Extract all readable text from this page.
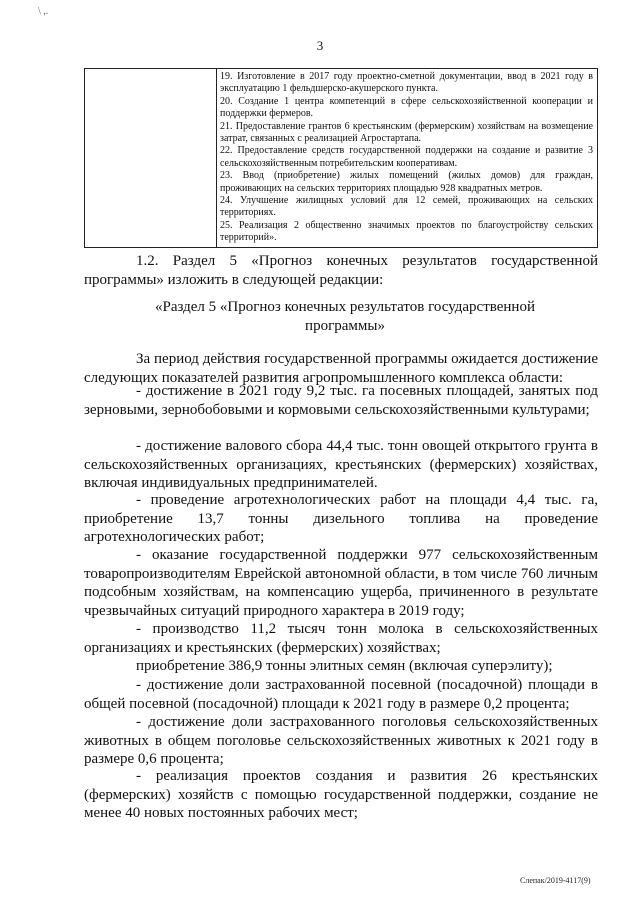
\ ,.
3

19. Изготовление в 2017 году проектно-сметной документации, ввод в 2021 году в эксплуатацию 1 фельдшерско-акушерского пункта.
20. Создание 1 центра компетенций в сфере сельскохозяйственной кооперации и поддержки фермеров.
21. Предоставление грантов 6 крестьянским (фермерским) хозяйствам на возмещение затрат, связанных с реализацией Агростартапа.
22. Предоставление средств государственной поддержки на создание и развитие 3 сельскохозяйственным потребительским кооперативам.
23. Ввод (приобретение) жилых помещений (жилых домов) для граждан, проживающих на сельских территориях площадью 928 квадратных метров.
24. Улучшение жилищных условий для 12 семей, проживающих на сельских территориях.
25. Реализация 2 общественно значимых проектов по благоустройству сельских территорий».
1.2. Раздел 5 «Прогноз конечных результатов государственной программы» изложить в следующей редакции:
«Раздел 5 «Прогноз конечных результатов государственной программы»
За период действия государственной программы ожидается достижение следующих показателей развития агропромышленного комплекса области:
- достижение в 2021 году 9,2 тыс. га посевных площадей, занятых под зерновыми, зернобобовыми и кормовыми сельскохозяйственными культурами;
- достижение валового сбора 44,4 тыс. тонн овощей открытого грунта в сельскохозяйственных организациях, крестьянских (фермерских) хозяйствах, включая индивидуальных предпринимателей.
- проведение агротехнологических работ на площади 4,4 тыс. га, приобретение 13,7 тонны дизельного топлива на проведение агротехнологических работ;
- оказание государственной поддержки 977 сельскохозяйственным товаропроизводителям Еврейской автономной области, в том числе 760 личным подсобным хозяйствам, на компенсацию ущерба, причиненного в результате чрезвычайных ситуаций природного характера в 2019 году;
- производство 11,2 тысяч тонн молока в сельскохозяйственных организациях и крестьянских (фермерских) хозяйствах;
приобретение 386,9 тонны элитных семян (включая суперэлиту);
- достижение доли застрахованной посевной (посадочной) площади в общей посевной (посадочной) площади к 2021 году в размере 0,2 процента;
- достижение доли застрахованного поголовья сельскохозяйственных животных в общем поголовье сельскохозяйственных животных к 2021 году в размере 0,6 процента;
- реализация проектов создания и развития 26 крестьянских (фермерских) хозяйств с помощью государственной поддержки, создание не менее 40 новых постоянных рабочих мест;
Слепак/2019-4117(9)
